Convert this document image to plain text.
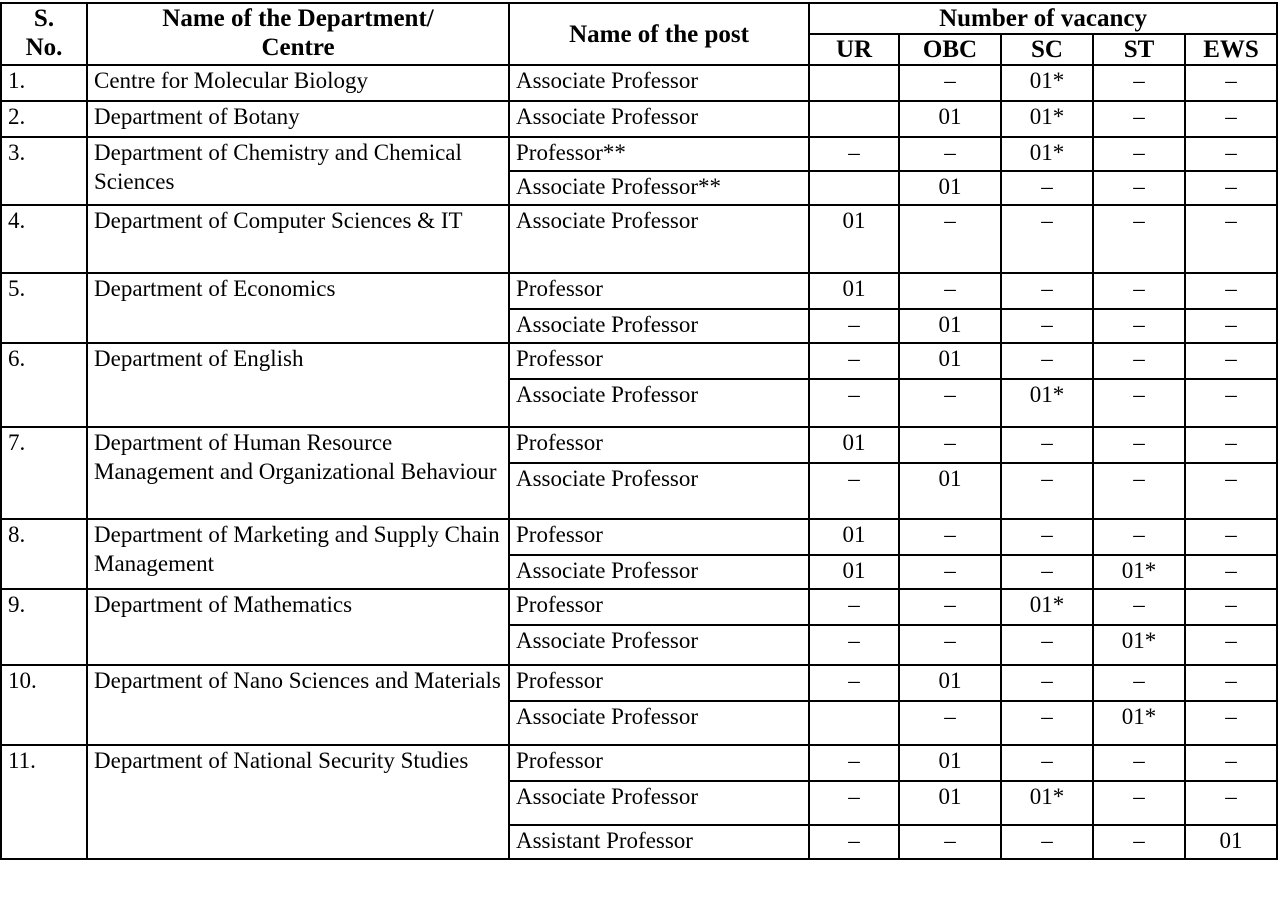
S.
No.	Name of the Department/
Centre	Name of the post	Number of vacancy				
			UR	OBC	SC	ST	EWS
1.	Centre for Molecular Biology	Associate Professor		–	01*	–	–
2.	Department of Botany	Associate Professor		01	01*	–	–
3.	Department of Chemistry and Chemical Sciences	Professor**	–	–	01*	–	–
		Associate Professor**		01	–	–	–
4.	Department of Computer Sciences & IT	Associate Professor	01	–	–	–	–
5.	Department of Economics	Professor	01	–	–	–	–
		Associate Professor	–	01	–	–	–
6.	Department of English	Professor	–	01	–	–	–
		Associate Professor	–	–	01*	–	–
7.	Department of Human Resource Management and Organizational Behaviour	Professor	01	–	–	–	–
		Associate Professor	–	01	–	–	–
8.	Department of Marketing and Supply Chain Management	Professor	01	–	–	–	–
		Associate Professor	01	–	–	01*	–
9.	Department of Mathematics	Professor	–	–	01*	–	–
		Associate Professor	–	–	–	01*	–
10.	Department of Nano Sciences and Materials	Professor	–	01	–	–	–
		Associate Professor		–	–	01*	–
11.	Department of National Security Studies	Professor	–	01	–	–	–
		Associate Professor	–	01	01*	–	–
		Assistant Professor	–	–	–	–	01
